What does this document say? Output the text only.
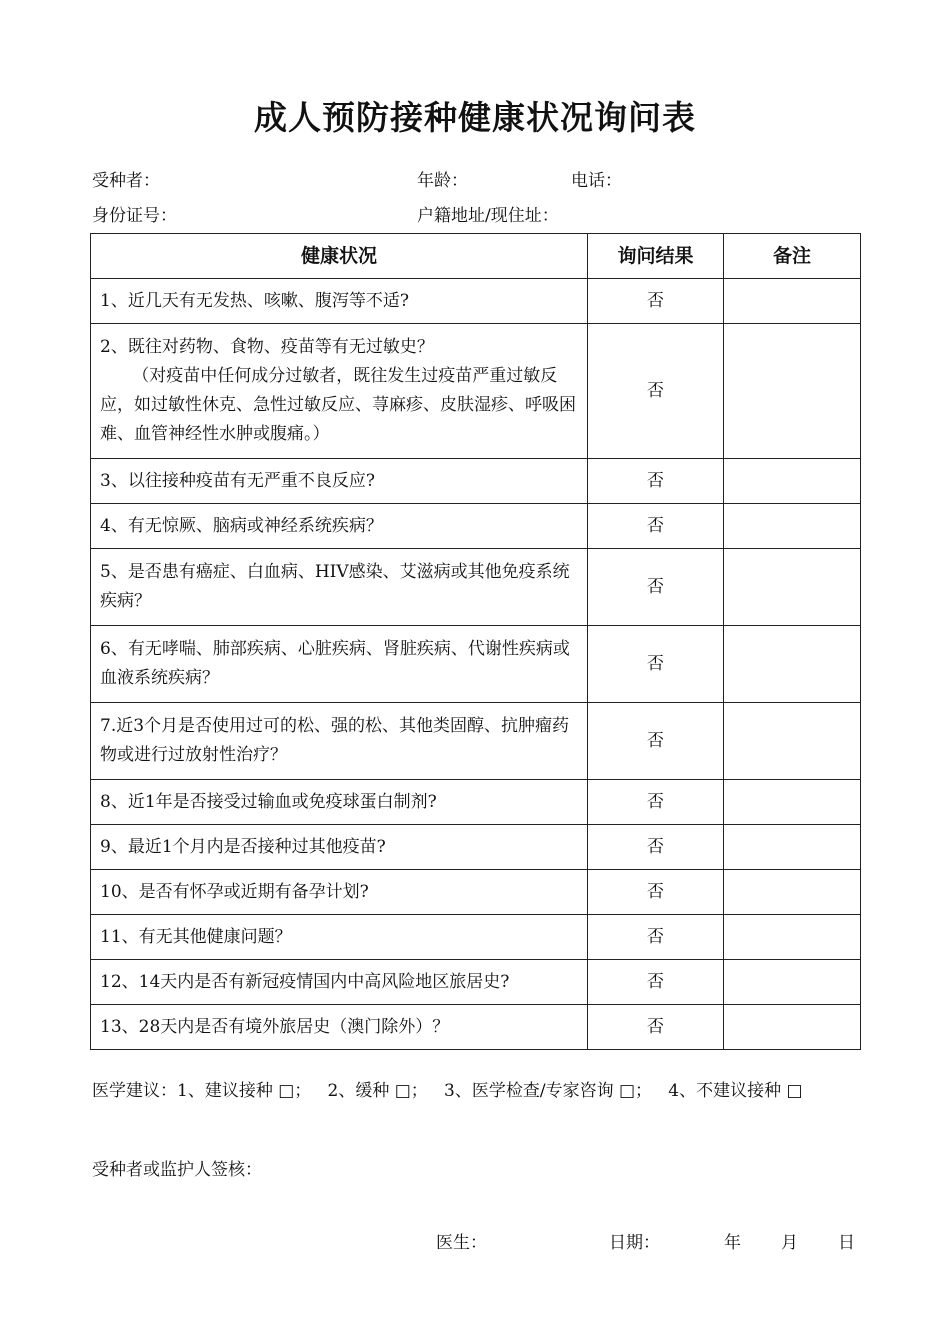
成人预防接种健康状况询问表
受种者：	年龄：	电话：
身份证号：	户籍地址/现住址：
健康状况	询问结果	备注
1、近几天有无发热、咳嗽、腹泻等不适?	否	
2、既往对药物、食物、疫苗等有无过敏史？
（对疫苗中任何成分过敏者，既往发生过疫苗严重过敏反应，如过敏性休克、急性过敏反应、荨麻疹、皮肤湿疹、呼吸困难、血管神经性水肿或腹痛。）	否	
3、以往接种疫苗有无严重不良反应?	否	
4、有无惊厥、脑病或神经系统疾病？	否	
5、是否患有癌症、白血病、HIV感染、艾滋病或其他免疫系统疾病？	否	
6、有无哮喘、肺部疾病、心脏疾病、肾脏疾病、代谢性疾病或血液系统疾病？	否	
7.近3个月是否使用过可的松、强的松、其他类固醇、抗肿瘤药物或进行过放射性治疗？	否	
8、近1年是否接受过输血或免疫球蛋白制剂?	否	
9、最近1个月内是否接种过其他疫苗?	否	
10、是否有怀孕或近期有备孕计划?	否	
11、有无其他健康问题？	否	
12、14天内是否有新冠疫情国内中高风险地区旅居史?	否	
13、28天内是否有境外旅居史（澳门除外）？	否	
医学建议：1、建议接种 □； 2、缓种 □； 3、医学检查/专家咨询 □； 4、不建议接种 □
受种者或监护人签核：
医生：	日期：	年 月 日
